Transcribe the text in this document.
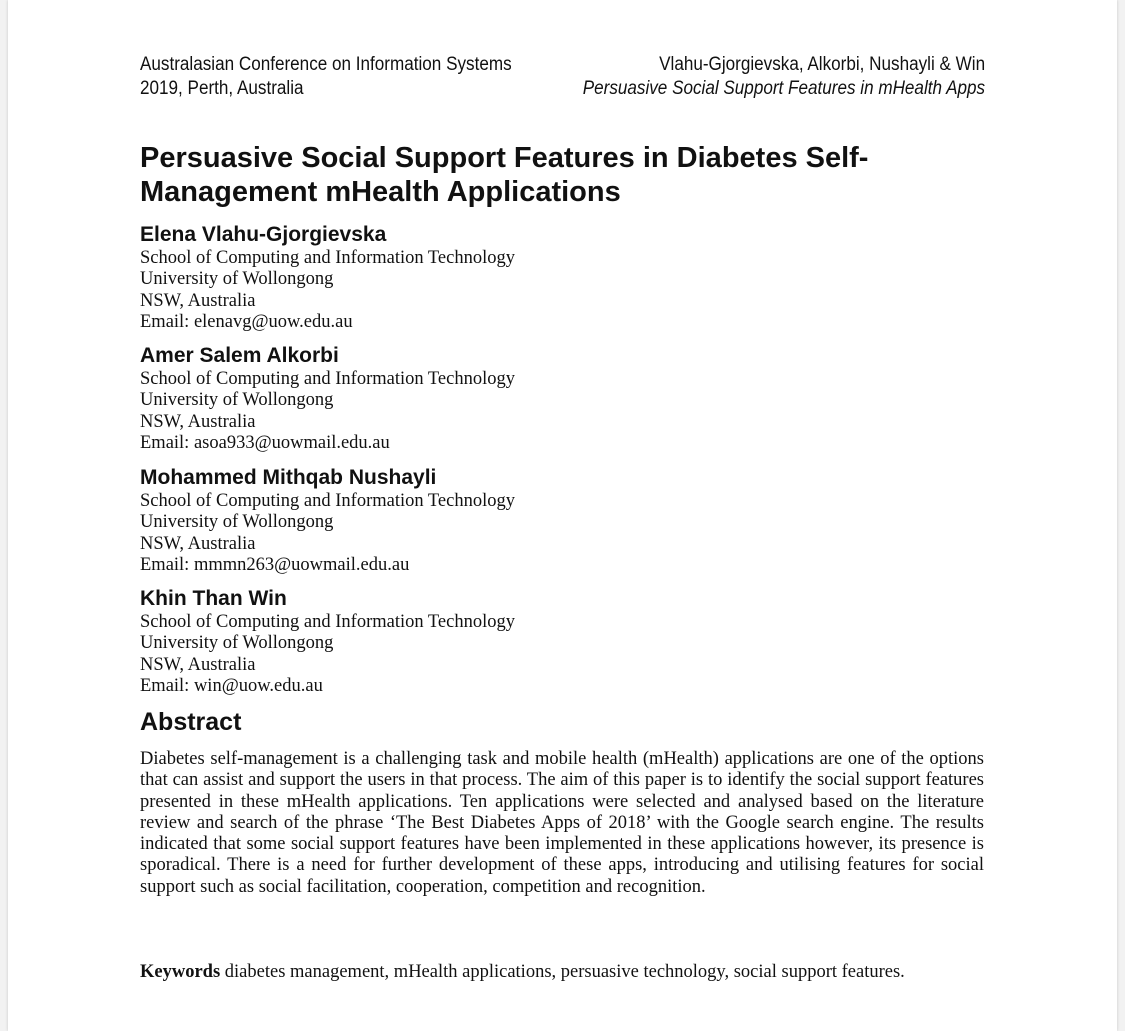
Australasian Conference on Information Systems
2019, Perth, Australia
Vlahu-Gjorgievska, Alkorbi, Nushayli & Win
Persuasive Social Support Features in mHealth Apps
Persuasive Social Support Features in Diabetes Self-Management mHealth Applications
Elena Vlahu-Gjorgievska
School of Computing and Information Technology
University of Wollongong
NSW, Australia
Email: elenavg@uow.edu.au
Amer Salem Alkorbi
School of Computing and Information Technology
University of Wollongong
NSW, Australia
Email: asoa933@uowmail.edu.au
Mohammed Mithqab Nushayli
School of Computing and Information Technology
University of Wollongong
NSW, Australia
Email: mmmn263@uowmail.edu.au
Khin Than Win
School of Computing and Information Technology
University of Wollongong
NSW, Australia
Email: win@uow.edu.au
Abstract

Diabetes self-management is a challenging task and mobile health (mHealth) applications are one of the options that can assist and support the users in that process. The aim of this paper is to identify the social support features presented in these mHealth applications. Ten applications were selected and analysed based on the literature review and search of the phrase ‘The Best Diabetes Apps of 2018’ with the Google search engine. The results indicated that some social support features have been implemented in these applications however, its presence is sporadical. There is a need for further development of these apps, introducing and utilising features for social support such as social facilitation, cooperation, competition and recognition.

Keywords diabetes management, mHealth applications, persuasive technology, social support features.
